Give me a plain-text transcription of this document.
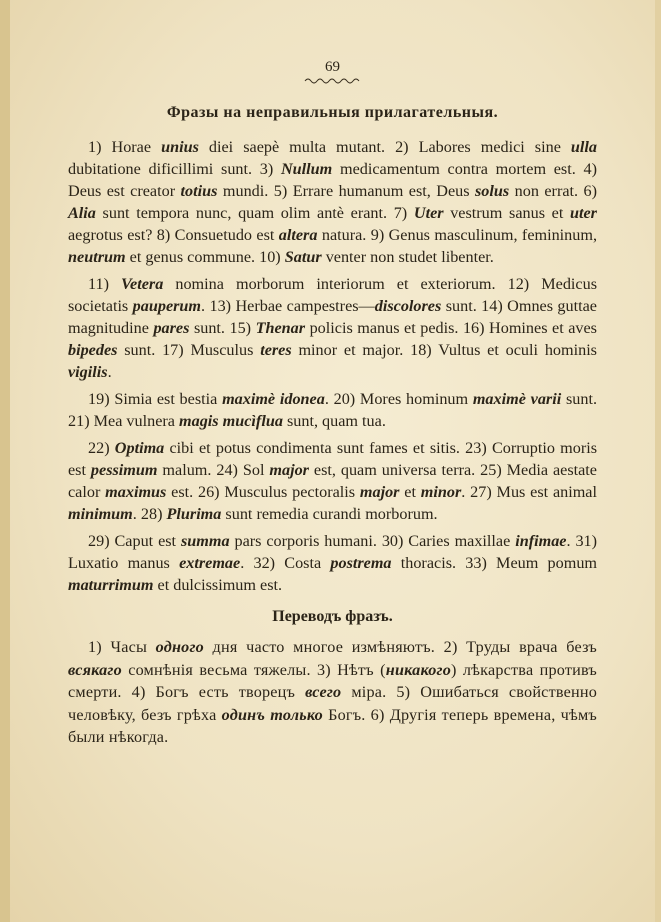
69

Фразы на неправильныя прилагательныя.

1) Horae unius diei saepè multa mutant. 2) Labores medici sine ulla dubitatione dificillimi sunt. 3) Nullum medicamentum contra mortem est. 4) Deus est creator totius mundi. 5) Errare humanum est, Deus solus non errat. 6) Alia sunt tempora nunc, quam olim antè erant. 7) Uter vestrum sanus et uter aegrotus est? 8) Consuetudo est altera natura. 9) Genus masculinum, femininum, neutrum et genus commune. 10) Satur venter non studet libenter.

11) Vetera nomina morborum interiorum et exteriorum. 12) Medicus societatis pauperum. 13) Herbae campestres—discolores sunt. 14) Omnes guttae magnitudine pares sunt. 15) Thenar policis manus et pedis. 16) Homines et aves bipedes sunt. 17) Musculus teres minor et major. 18) Vultus et oculi hominis vigilis.

19) Simia est bestia maximè idonea. 20) Mores hominum maximè varii sunt. 21) Mea vulnera magis mucìflua sunt, quam tua.

22) Optima cibi et potus condimenta sunt fames et sitis. 23) Corruptio moris est pessimum malum. 24) Sol major est, quam universa terra. 25) Media aestate calor maximus est. 26) Musculus pectoralis major et minor. 27) Mus est animal minimum. 28) Plurima sunt remedia curandi morborum.

29) Caput est summa pars corporis humani. 30) Caries maxillae infimae. 31) Luxatio manus extremae. 32) Costa postrema thoracis. 33) Meum pomum maturrimum et dulcissimum est.

Переводъ фразъ.

1) Часы одного дня часто многое измѣняютъ. 2) Труды врача безъ всякаго сомнѣнія весьма тяжелы. 3) Нѣтъ (никакого) лѣкарства противъ смерти. 4) Богъ есть творецъ всего міра. 5) Ошибаться свойственно человѣку, безъ грѣха одинъ только Богъ. 6) Другія теперь времена, чѣмъ были нѣкогда.
